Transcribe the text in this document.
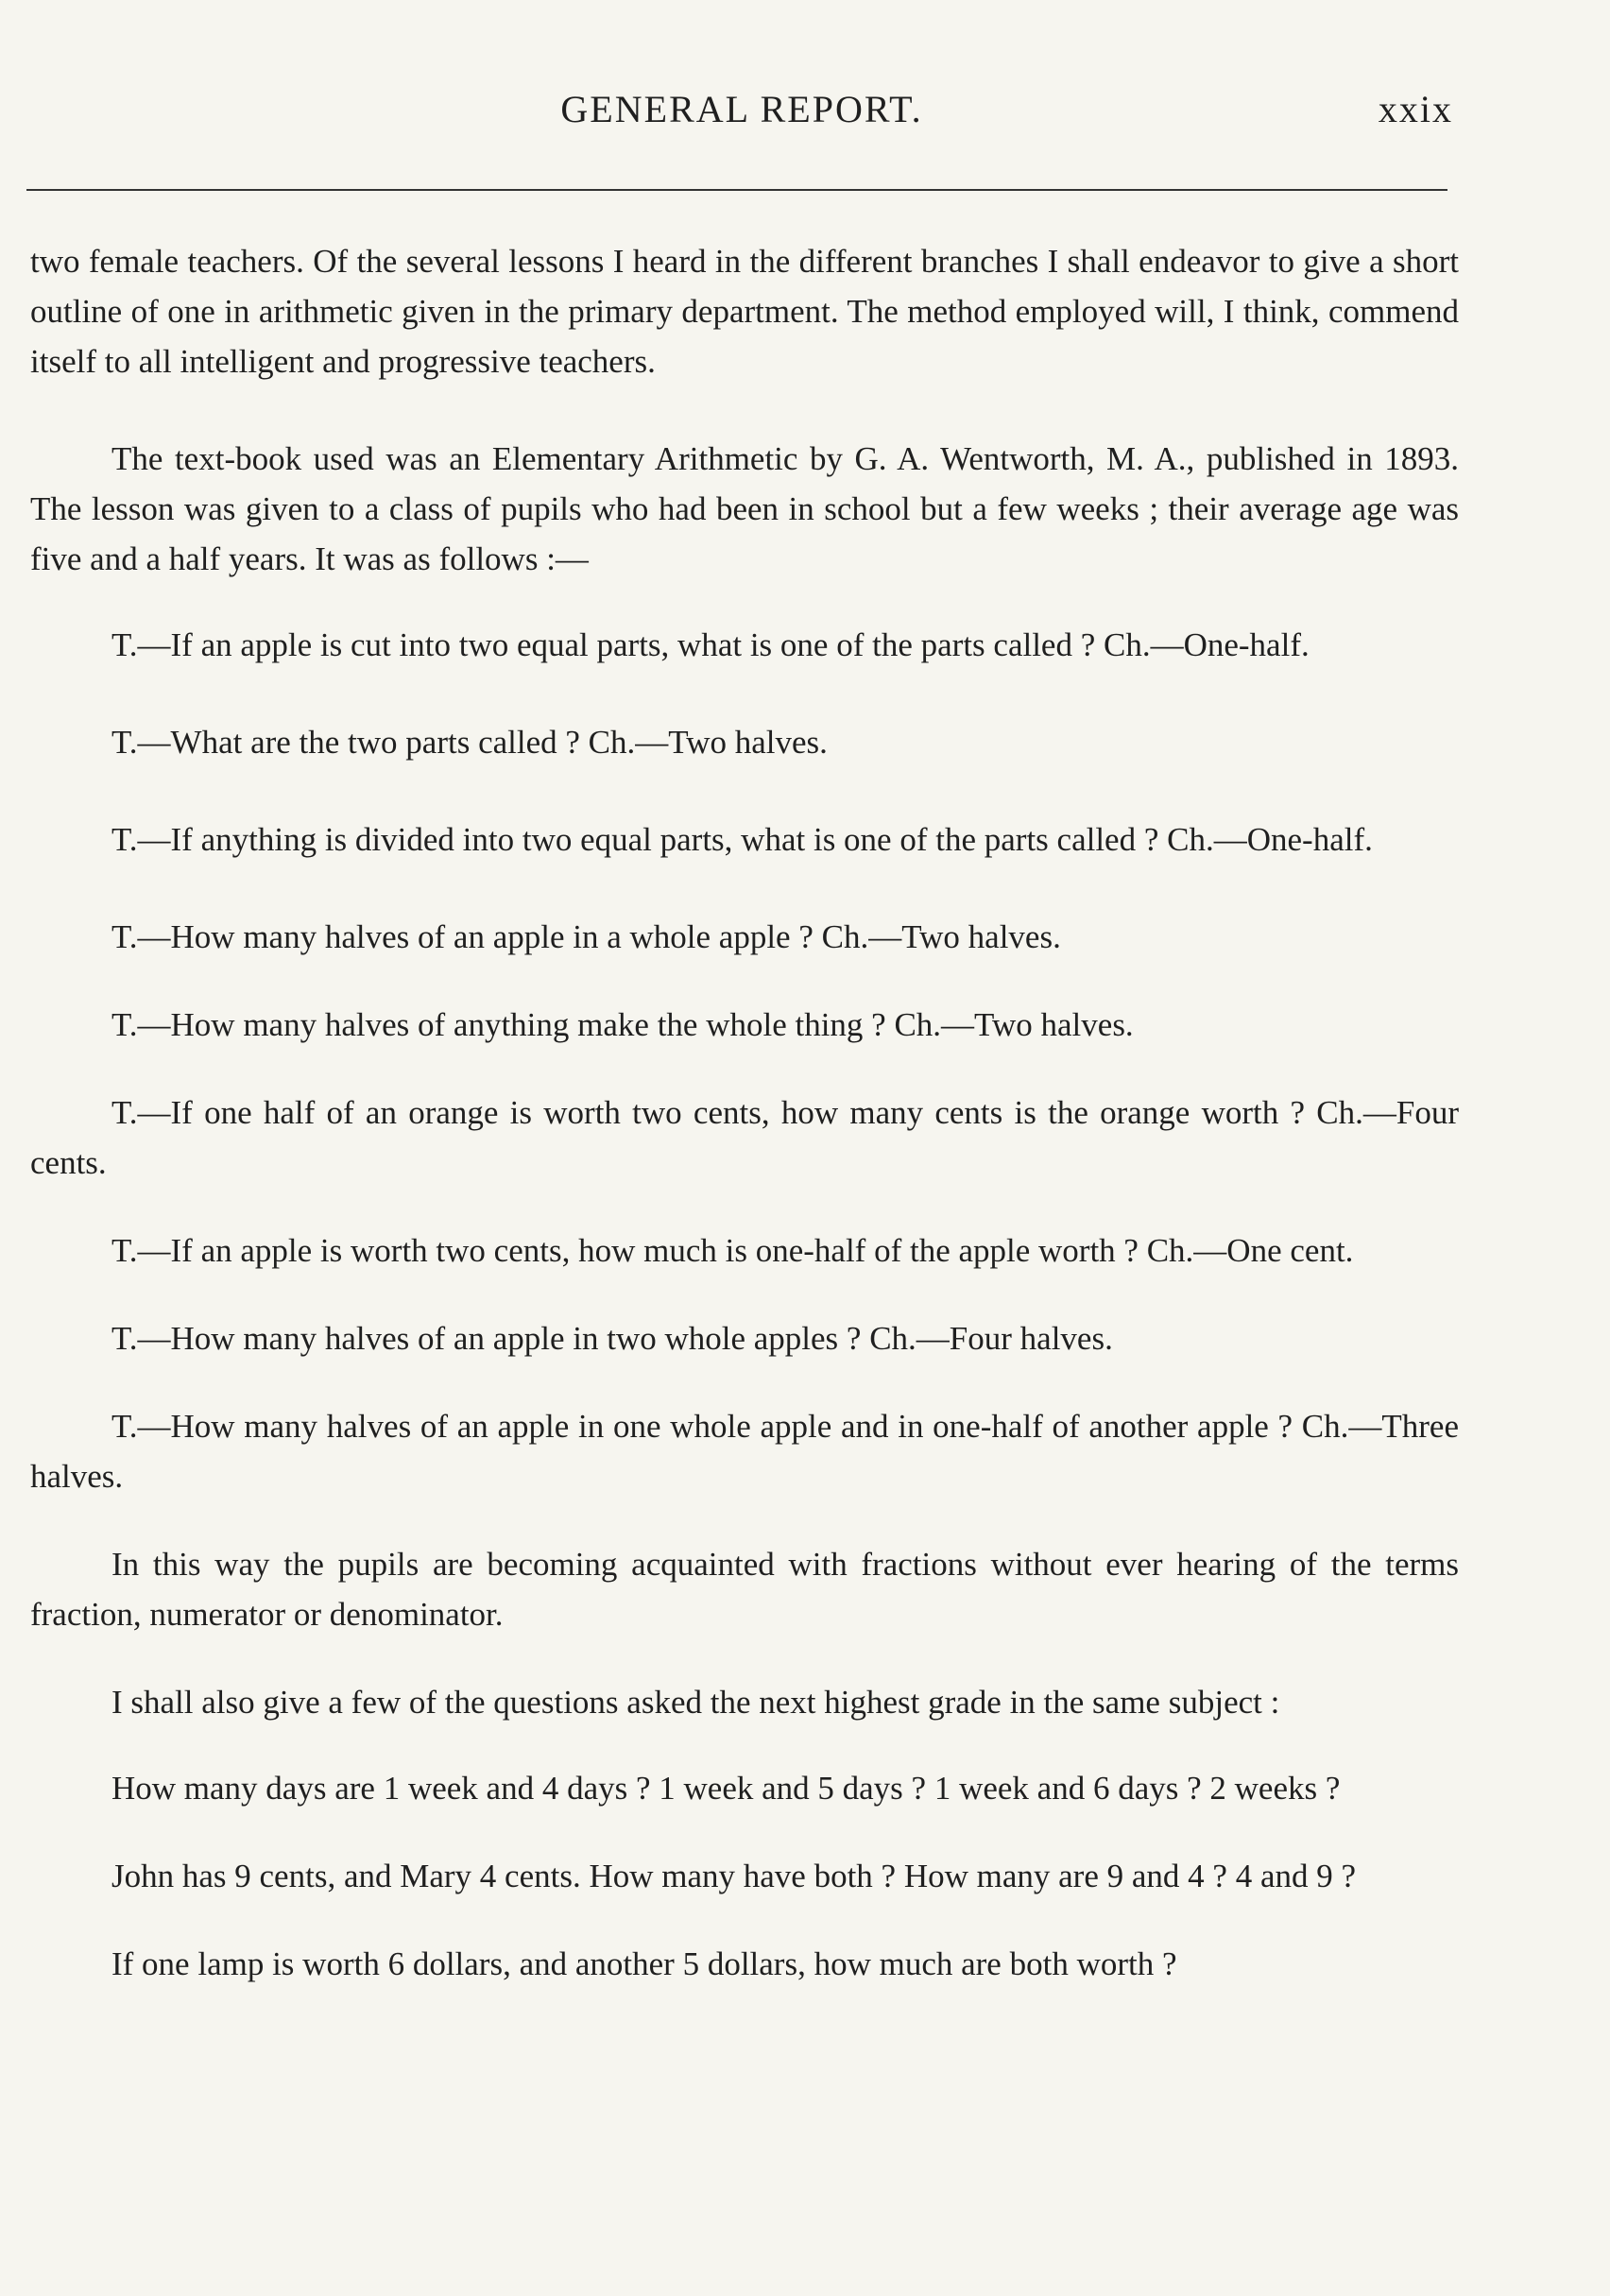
GENERAL REPORT.	xxix

two female teachers. Of the several lessons I heard in the different branches I shall endeavor to give a short outline of one in arithmetic given in the primary department. The method employed will, I think, commend itself to all intelligent and progressive teachers.

The text-book used was an Elementary Arithmetic by G. A. Wentworth, M. A., published in 1893. The lesson was given to a class of pupils who had been in school but a few weeks ; their average age was five and a half years. It was as follows :—

T.—If an apple is cut into two equal parts, what is one of the parts called ? Ch.—One-half.

T.—What are the two parts called ? Ch.—Two halves.

T.—If anything is divided into two equal parts, what is one of the parts called ? Ch.—One-half.

T.—How many halves of an apple in a whole apple ? Ch.—Two halves.

T.—How many halves of anything make the whole thing ? Ch.—Two halves.

T.—If one half of an orange is worth two cents, how many cents is the orange worth ? Ch.—Four cents.

T.—If an apple is worth two cents, how much is one-half of the apple worth ? Ch.—One cent.

T.—How many halves of an apple in two whole apples ? Ch.—Four halves.

T.—How many halves of an apple in one whole apple and in one-half of another apple ? Ch.—Three halves.

In this way the pupils are becoming acquainted with fractions without ever hearing of the terms fraction, numerator or denominator.

I shall also give a few of the questions asked the next highest grade in the same subject :

How many days are 1 week and 4 days ? 1 week and 5 days ? 1 week and 6 days ? 2 weeks ?

John has 9 cents, and Mary 4 cents. How many have both ? How many are 9 and 4 ? 4 and 9 ?

If one lamp is worth 6 dollars, and another 5 dollars, how much are both worth ?
